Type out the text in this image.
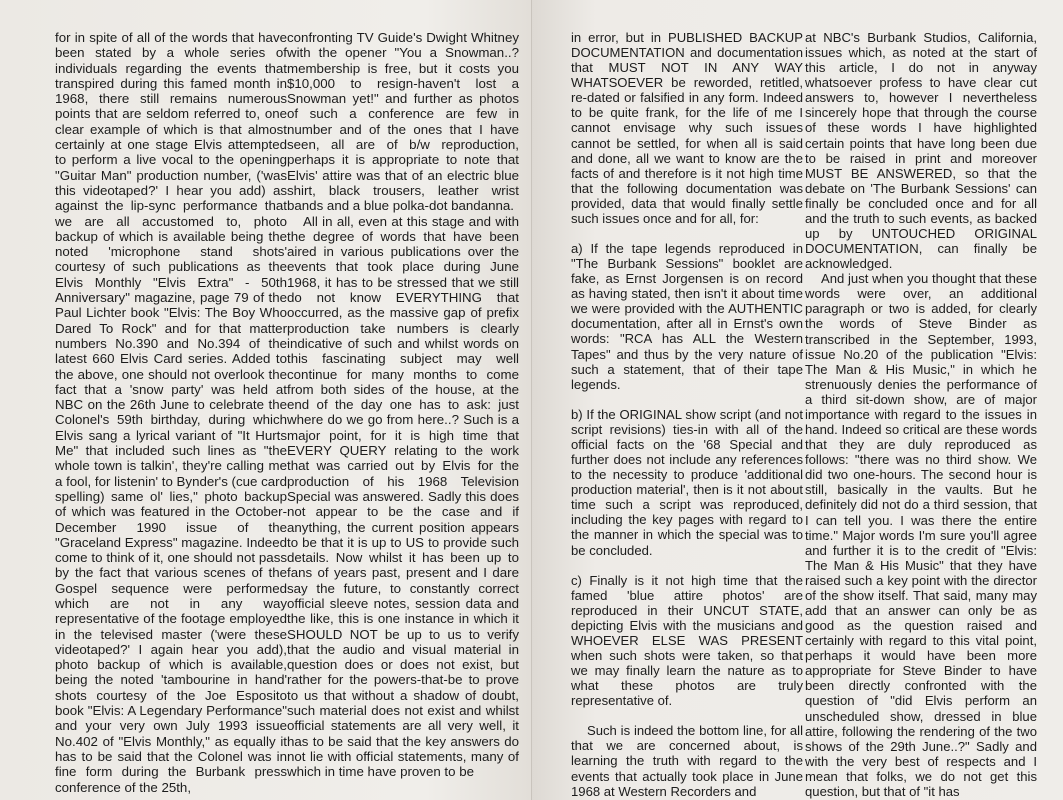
for in spite of all of the words that have been stated by a whole series of individuals regarding the events that transpired during this famed month in 1968, there still remains numerous points that are seldom referred to, one clear example of which is that almost certainly at one stage Elvis attempted to perform a live vocal to the opening "Guitar Man" production number, ('was this videotaped?' I hear you add) as against the lip-sync performance that we are all accustomed to, photo backup of which is available being the noted 'microphone stand shots' courtesy of such publications as the Elvis Monthly "Elvis Extra" - 50th Anniversary" magazine, page 79 of the Paul Lichter book "Elvis: The Boy Who Dared To Rock" and for that matter numbers No.390 and No.394 of the latest 660 Elvis Card series. Added to the above, one should not overlook the fact that a 'snow party' was held at NBC on the 26th June to celebrate the Colonel's 59th birthday, during which Elvis sang a lyrical variant of "It Hurts Me" that included such lines as "the whole town is talkin', they're calling me a fool, for listenin' to Bynder's (cue card spelling) same ol' lies," photo backup of which was featured in the October-December 1990 issue of the "Graceland Express" magazine. Indeed come to think of it, one should not pass by the fact that various scenes of the Gospel sequence were performed which are not in any way representative of the footage employed in the televised master ('were these videotaped?' I again hear you add), photo backup of which is available, being the noted 'tambourine in hand' shots courtesy of the Joe Esposito book "Elvis: A Legendary Performance" and your very own July 1993 issue No.402 of "Elvis Monthly," as equally it has to be said that the Colonel was in fine form during the Burbank press conference of the 25th,

confronting TV Guide's Dwight Whitney with the opener "You a Snowman..? membership is free, but it costs you $10,000 to resign-haven't lost a Snowman yet!" and further as photos of such a conference are few in number and of the ones that I have seen, all are of b/w reproduction, perhaps it is appropriate to note that Elvis' attire was that of an electric blue shirt, black trousers, leather wrist bands and a blue polka-dot bandanna.

All in all, even at this stage and with the degree of words that have been aired in various publications over the events that took place during June 1968, it has to be stressed that we still do not know EVERYTHING that occurred, as the massive gap of prefix production take numbers is clearly indicative of such and whilst words on this fascinating subject may well continue for many months to come from both sides of the house, at the end of the day one has to ask: just where do we go from here..? Such is a major point, for it is high time that EVERY QUERY relating to the work that was carried out by Elvis for the production of his 1968 Television Special was answered. Sadly this does not appear to be the case and if anything, the current position appears to be that it is up to US to provide such details. Now whilst it has been up to fans of years past, present and I dare say the future, to constantly correct official sleeve notes, session data and the like, this is one instance in which it SHOULD NOT be up to us to verify that the audio and visual material in question does or does not exist, but rather for the powers-that-be to prove to us that without a shadow of doubt, such material does not exist and whilst official statements are all very well, it has to be said that the key answers do not lie with official statements, many of which in time have proven to be

in error, but in PUBLISHED BACKUP DOCUMENTATION and documentation that MUST NOT IN ANY WAY WHATSOEVER be reworded, retitled, re-dated or falsified in any form. Indeed to be quite frank, for the life of me I cannot envisage why such issues cannot be settled, for when all is said and done, all we want to know are the facts of and therefore is it not high time that the following documentation was provided, data that would finally settle such issues once and for all, for:

a) If the tape legends reproduced in "The Burbank Sessions" booklet are fake, as Ernst Jorgensen is on record as having stated, then isn't it about time we were provided with the AUTHENTIC documentation, after all in Ernst's own words: "RCA has ALL the Western Tapes" and thus by the very nature of such a statement, that of their tape legends.

b) If the ORIGINAL show script (and not script revisions) ties-in with all of the official facts on the '68 Special and further does not include any references to the necessity to produce 'additional production material', then is it not about time such a script was reproduced, including the key pages with regard to the manner in which the special was to be concluded.

c) Finally is it not high time that the famed 'blue attire photos' are reproduced in their UNCUT STATE, depicting Elvis with the musicians and WHOEVER ELSE WAS PRESENT when such shots were taken, so that we may finally learn the nature as to what these photos are truly representative of.

Such is indeed the bottom line, for all that we are concerned about, is learning the truth with regard to the events that actually took place in June 1968 at Western Recorders and

at NBC's Burbank Studios, California, issues which, as noted at the start of this article, I do not in anyway whatsoever profess to have clear cut answers to, however I nevertheless sincerely hope that through the course of these words I have highlighted certain points that have long been due to be raised in print and moreover MUST BE ANSWERED, so that the debate on 'The Burbank Sessions' can finally be concluded once and for all and the truth to such events, as backed up by UNTOUCHED ORIGINAL DOCUMENTATION, can finally be acknowledged.

And just when you thought that these words were over, an additional paragraph or two is added, for clearly the words of Steve Binder as transcribed in the September, 1993, issue No.20 of the publication "Elvis: The Man & His Music," in which he strenuously denies the performance of a third sit-down show, are of major importance with regard to the issues in hand. Indeed so critical are these words that they are duly reproduced as follows: "there was no third show. We did two one-hours. The second hour is still, basically in the vaults. But he definitely did not do a third session, that I can tell you. I was there the entire time." Major words I'm sure you'll agree and further it is to the credit of "Elvis: The Man & His Music" that they have raised such a key point with the director of the show itself. That said, many may add that an answer can only be as good as the question raised and certainly with regard to this vital point, perhaps it would have been more appropriate for Steve Binder to have been directly confronted with the question of "did Elvis perform an unscheduled show, dressed in blue attire, following the rendering of the two shows of the 29th June..?" Sadly and with the very best of respects and I mean that folks, we do not get this question, but that of "it has
